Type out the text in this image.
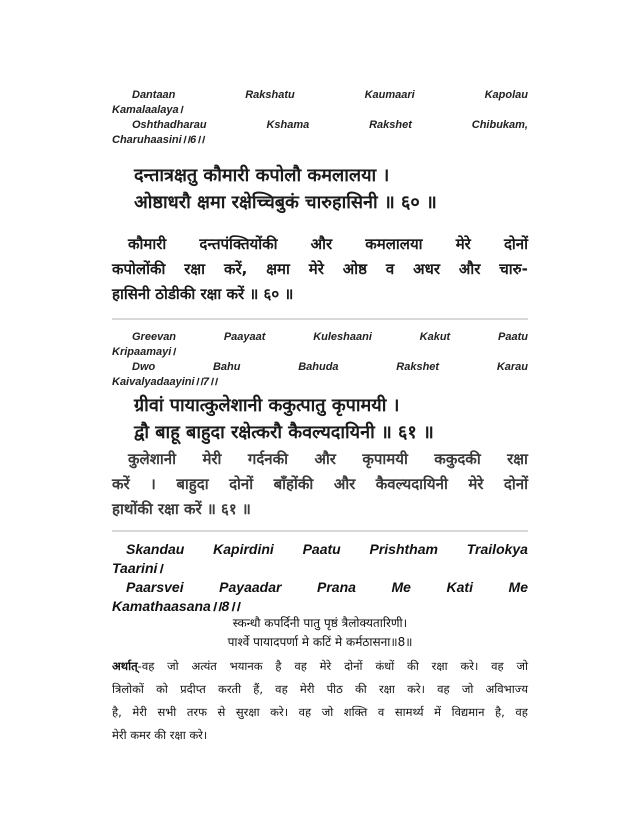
Dantaan	Rakshatu	Kaumaari	Kapolau
Kamalaalaya।
Oshthadharau	Kshama	Rakshet	Chibukam,
Charuhaasini।।6।।
दन्तात्रक्षतु कौमारी कपोलौ कमलालया ।
ओष्ठाधरौ क्षमा रक्षेच्चिबुकं चारुहासिनी ॥ ६० ॥
कौमारी दन्तपंक्तियोंकी और कमलालया मेरे दोनों
कपोलोंकी रक्षा करें, क्षमा मेरे ओष्ठ व अधर और चारु-
हासिनी ठोडीकी रक्षा करें ॥ ६० ॥
Greevan	Paayaat	Kuleshaani	Kakut	Paatu
Kripaamayi।
Dwo	Bahu	Bahuda	Rakshet	Karau
Kaivalyadaayini।।7।।
ग्रीवां पायात्कुलेशानी ककुत्पातु कृपामयी ।
द्वौ बाहू बाहुदा रक्षेत्करौ कैवल्यदायिनी ॥ ६१ ॥
कुलेशानी मेरी गर्दनकी और कृपामयी ककुदकी रक्षा
करें । बाहुदा दोनों बाँहोंकी और कैवल्यदायिनी मेरे दोनों
हाथोंकी रक्षा करें ॥ ६१ ॥
Skandau Kapirdini Paatu Prishtham Trailokya
Taarini।
Paarsvei	Payaadar	Prana	Me	Kati	Me
Kamathaasana।।8।।
स्कन्धौ कपर्दिनी पातु पृष्ठं त्रैलोक्यतारिणी।
पार्श्वे पायादपर्णा मे कटिं मे कर्मठासना॥8॥
अर्थात्-वह जो अत्यंत भयानक है वह मेरे दोनों कंधों की रक्षा करे। वह जो
त्रिलोकों को प्रदीप्त करती हैं, वह मेरी पीठ की रक्षा करे। वह जो अविभाज्य
है, मेरी सभी तरफ से सुरक्षा करे। वह जो शक्ति व सामर्थ्य में विद्यमान है, वह
मेरी कमर की रक्षा करे।
